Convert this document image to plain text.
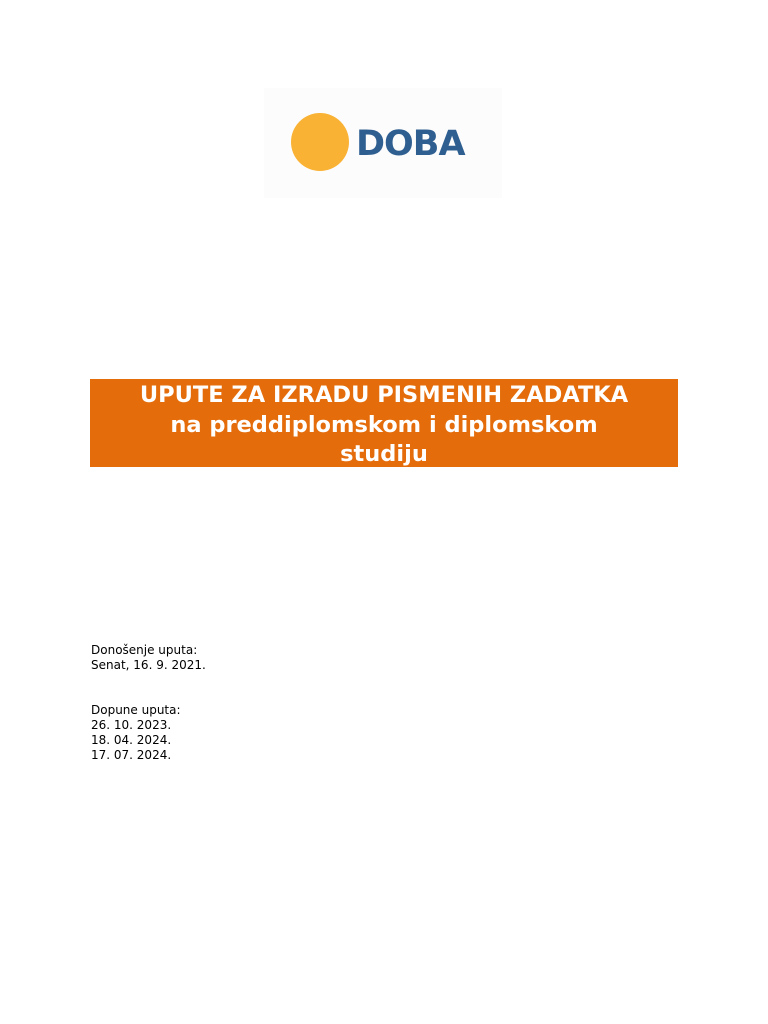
DOBA
UPUTE ZA IZRADU PISMENIH ZADATKA
na preddiplomskom i diplomskom
studiju
Donošenje uputa:
Senat, 16. 9. 2021.
Dopune uputa:
26. 10. 2023.
18. 04. 2024.
17. 07. 2024.
